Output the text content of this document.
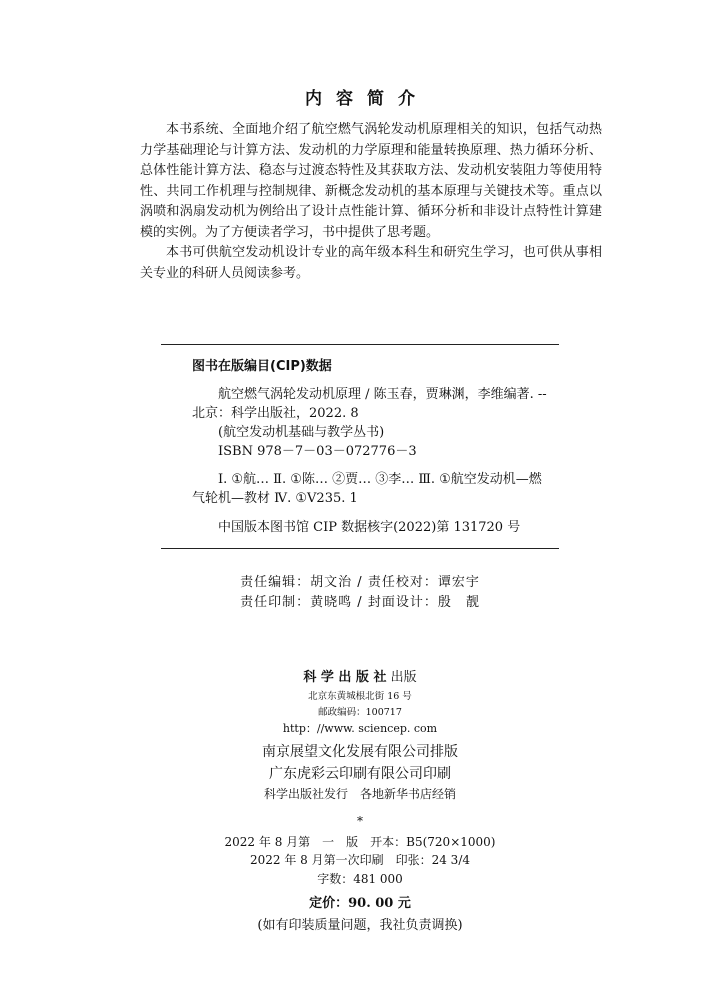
内容简介

本书系统、全面地介绍了航空燃气涡轮发动机原理相关的知识，包括气动热力学基础理论与计算方法、发动机的力学原理和能量转换原理、热力循环分析、总体性能计算方法、稳态与过渡态特性及其获取方法、发动机安装阻力等使用特性、共同工作机理与控制规律、新概念发动机的基本原理与关键技术等。重点以涡喷和涡扇发动机为例给出了设计点性能计算、循环分析和非设计点特性计算建模的实例。为了方便读者学习，书中提供了思考题。

本书可供航空发动机设计专业的高年级本科生和研究生学习，也可供从事相关专业的科研人员阅读参考。

图书在版编目(CIP)数据

航空燃气涡轮发动机原理 / 陈玉春，贾琳渊，李维编著. -- 北京：科学出版社，2022. 8

(航空发动机基础与教学丛书)

ISBN 978－7－03－072776－3

Ⅰ. ①航… Ⅱ. ①陈… ②贾… ③李… Ⅲ. ①航空发动机—燃气轮机—教材 Ⅳ. ①V235. 1

中国版本图书馆 CIP 数据核字(2022)第 131720 号

责任编辑：胡文治 / 责任校对：谭宏宇
责任印制：黄晓鸣 / 封面设计：殷　靓
科 学 出 版 社 出版
北京东黄城根北街 16 号
邮政编码：100717
http：//www. sciencep. com
南京展望文化发展有限公司排版
广东虎彩云印刷有限公司印刷
科学出版社发行　各地新华书店经销
*
2022 年 8 月第　一　版　开本：B5(720×1000)
2022 年 8 月第一次印刷　印张：24 3/4
字数：481 000
定价：90. 00 元
(如有印装质量问题，我社负责调换)
